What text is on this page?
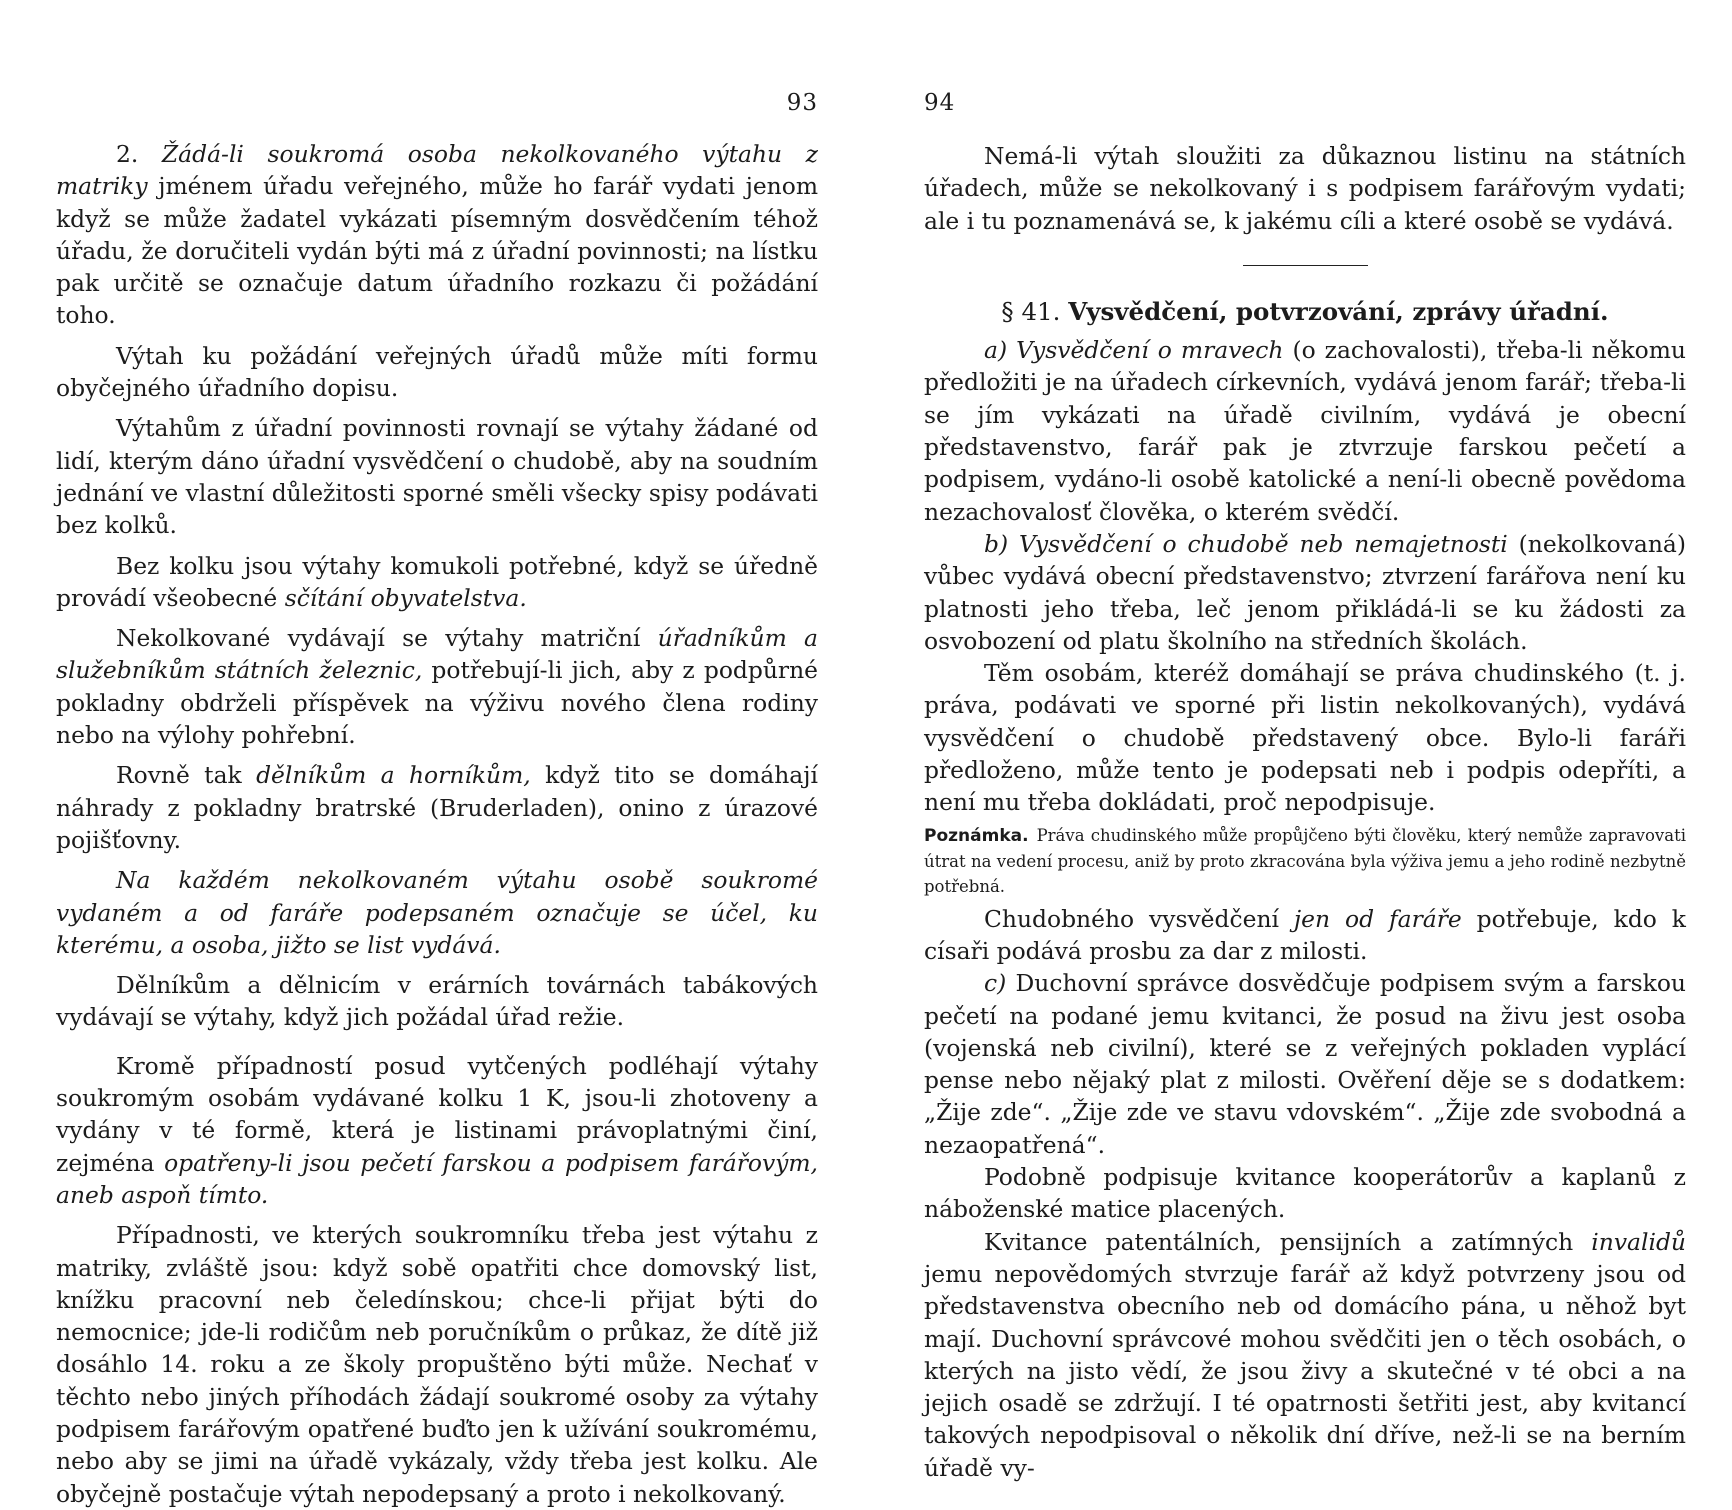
93

2. Žádá-li soukromá osoba nekolkovaného výtahu z matriky jménem úřadu veřejného, může ho farář vydati jenom když se může žadatel vykázati písemným dosvědčením téhož úřadu, že doručiteli vydán býti má z úřadní povinnosti; na lístku pak určitě se označuje datum úřadního rozkazu či požádání toho.

Výtah ku požádání veřejných úřadů může míti formu obyčejného úřadního dopisu.

Výtahům z úřadní povinnosti rovnají se výtahy žádané od lidí, kterým dáno úřadní vysvědčení o chudobě, aby na soudním jednání ve vlastní důležitosti sporné směli všecky spisy podávati bez kolků.

Bez kolku jsou výtahy komukoli potřebné, když se úředně provádí všeobecné sčítání obyvatelstva.

Nekolkované vydávají se výtahy matriční úřadníkům a služebníkům státních železnic, potřebují-li jich, aby z podpůrné pokladny obdrželi příspěvek na výživu nového člena rodiny nebo na výlohy pohřební.

Rovně tak dělníkům a horníkům, když tito se domáhají náhrady z pokladny bratrské (Bruderladen), onino z úrazové pojišťovny.

Na každém nekolkovaném výtahu osobě soukromé vydaném a od faráře podepsaném označuje se účel, ku kterému, a osoba, jižto se list vydává.

Dělníkům a dělnicím v erárních továrnách tabákových vydávají se výtahy, když jich požádal úřad režie.

Kromě případností posud vytčených podléhají výtahy soukromým osobám vydávané kolku 1 K, jsou-li zhotoveny a vydány v té formě, která je listinami právoplatnými činí, zejména opatřeny-li jsou pečetí farskou a podpisem farářovým, aneb aspoň tímto.

Případnosti, ve kterých soukromníku třeba jest výtahu z matriky, zvláště jsou: když sobě opatřiti chce domovský list, knížku pracovní neb čeledínskou; chce-li přijat býti do nemocnice; jde-li rodičům neb poručníkům o průkaz, že dítě již dosáhlo 14. roku a ze školy propuštěno býti může. Nechať v těchto nebo jiných příhodách žádají soukromé osoby za výtahy podpisem farářovým opatřené buďto jen k užívání soukromému, nebo aby se jimi na úřadě vykázaly, vždy třeba jest kolku. Ale obyčejně postačuje výtah nepodepsaný a proto i nekolkovaný.

94

Nemá-li výtah sloužiti za důkaznou listinu na státních úřadech, může se nekolkovaný i s podpisem farářovým vydati; ale i tu poznamenává se, k jakému cíli a které osobě se vydává.

§ 41. Vysvědčení, potvrzování, zprávy úřadní.

a) Vysvědčení o mravech (o zachovalosti), třeba-li někomu předložiti je na úřadech církevních, vydává jenom farář; třeba-li se jím vykázati na úřadě civilním, vydává je obecní představenstvo, farář pak je ztvrzuje farskou pečetí a podpisem, vydáno-li osobě katolické a není-li obecně povědoma nezachovalosť člověka, o kterém svědčí.

b) Vysvědčení o chudobě neb nemajetnosti (nekolkovaná) vůbec vydává obecní představenstvo; ztvrzení farářova není ku platnosti jeho třeba, leč jenom přikládá-li se ku žádosti za osvobození od platu školního na středních školách.

Těm osobám, kteréž domáhají se práva chudinského (t. j. práva, podávati ve sporné při listin nekolkovaných), vydává vysvědčení o chudobě představený obce. Bylo-li faráři předloženo, může tento je podepsati neb i podpis odepříti, a není mu třeba dokládati, proč nepodpisuje.

Poznámka. Práva chudinského může propůjčeno býti člověku, který nemůže zapravovati útrat na vedení procesu, aniž by proto zkracována byla výživa jemu a jeho rodině nezbytně potřebná.

Chudobného vysvědčení jen od faráře potřebuje, kdo k císaři podává prosbu za dar z milosti.

c) Duchovní správce dosvědčuje podpisem svým a farskou pečetí na podané jemu kvitanci, že posud na živu jest osoba (vojenská neb civilní), které se z veřejných pokladen vyplácí pense nebo nějaký plat z milosti. Ověření děje se s dodatkem: „Žije zde“. „Žije zde ve stavu vdovském“. „Žije zde svobodná a nezaopatřená“.

Podobně podpisuje kvitance kooperátorův a kaplanů z náboženské matice placených.

Kvitance patentálních, pensijních a zatímných invalidů jemu nepovědomých stvrzuje farář až když potvrzeny jsou od představenstva obecního neb od domácího pána, u něhož byt mají. Duchovní správcové mohou svědčiti jen o těch osobách, o kterých na jisto vědí, že jsou živy a skutečné v té obci a na jejich osadě se zdržují. I té opatrnosti šetřiti jest, aby kvitancí takových nepodpisoval o několik dní dříve, než-li se na berním úřadě vy-
